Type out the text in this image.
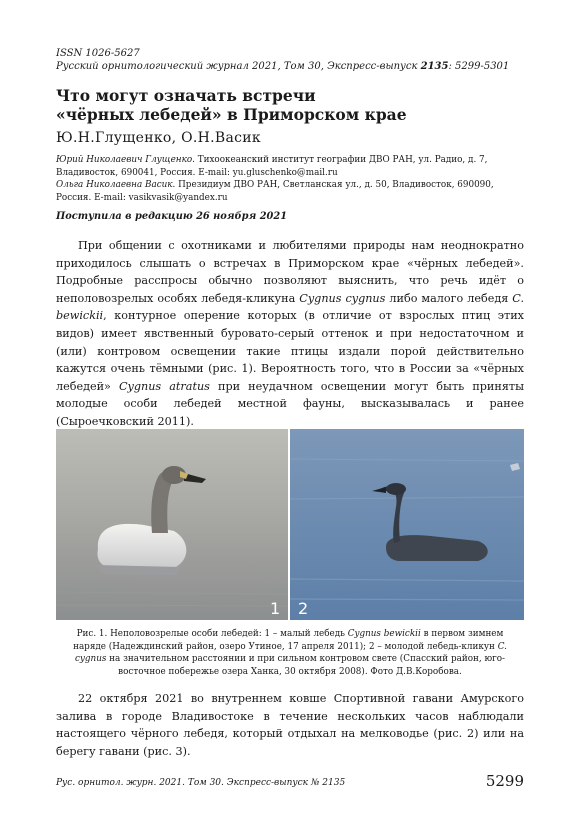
ISSN 1026-5627
Русский орнитологический журнал 2021, Том 30, Экспресс-выпуск 2135: 5299-5301
Что могут означать встречи
«чёрных лебедей» в Приморском крае
Ю.Н.Глущенко, О.Н.Васик
Юрий Николаевич Глущенко. Тихоокеанский институт географии ДВО РАН, ул. Радио, д. 7, Владивосток, 690041, Россия. E-mail: yu.gluschenko@mail.ru
Ольга Николаевна Васик. Президиум ДВО РАН, Светланская ул., д. 50, Владивосток, 690090, Россия. E-mail: vasikvasik@yandex.ru
Поступила в редакцию 26 ноября 2021

При общении с охотниками и любителями природы нам неоднократно приходилось слышать о встречах в Приморском крае «чёрных лебедей». Подробные расспросы обычно позволяют выяснить, что речь идёт о неполовозрелых особях лебедя-кликуна Cygnus cygnus либо малого лебедя C. bewickii, контурное оперение которых (в отличие от взрослых птиц этих видов) имеет явственный буровато-серый оттенок и при недостаточном и (или) контровом освещении такие птицы издали порой действительно кажутся очень тёмными (рис. 1). Вероятность того, что в России за «чёрных лебедей» Cygnus atratus при неудачном освещении могут быть приняты молодые особи лебедей местной фауны, высказывалась и ранее (Сыроечковский 2011).

1 2
Рис. 1. Неполовозрелые особи лебедей: 1 – малый лебедь Cygnus bewickii в первом зимнем наряде (Надеждинский район, озеро Утиное, 17 апреля 2011); 2 – молодой лебедь-кликун C. cygnus на значительном расстоянии и при сильном контровом свете (Спасский район, юго-восточное побережье озера Ханка, 30 октября 2008). Фото Д.В.Коробова.

22 октября 2021 во внутреннем ковше Спортивной гавани Амурского залива в городе Владивостоке в течение нескольких часов наблюдали настоящего чёрного лебедя, который отдыхал на мелководье (рис. 2) или на берегу гавани (рис. 3).

Рус. орнитол. журн. 2021. Том 30. Экспресс-выпуск № 2135	5299
